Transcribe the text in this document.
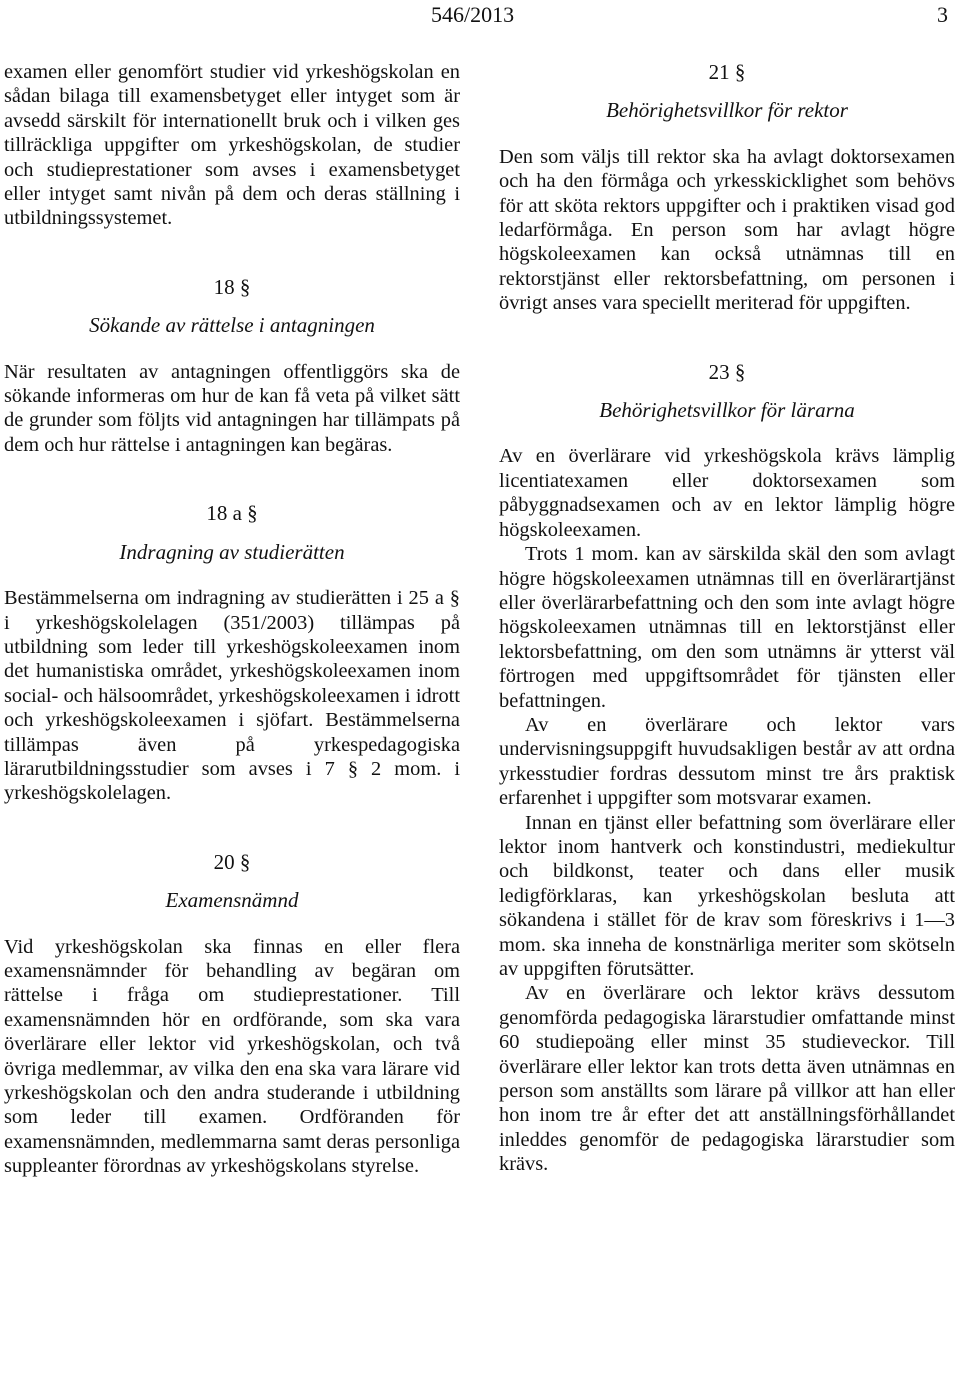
546/2013	3

examen eller genomfört studier vid yrkeshögskolan en sådan bilaga till examensbetyget eller intyget som är avsedd särskilt för internationellt bruk och i vilken ges tillräckliga uppgifter om yrkeshögskolan, de studier och studieprestationer som avses i examensbetyget eller intyget samt nivån på dem och deras ställning i utbildningssystemet.

18 §
Sökande av rättelse i antagningen

När resultaten av antagningen offentliggörs ska de sökande informeras om hur de kan få veta på vilket sätt de grunder som följts vid antagningen har tillämpats på dem och hur rättelse i antagningen kan begäras.

18 a §
Indragning av studierätten

Bestämmelserna om indragning av studierätten i 25 a § i yrkeshögskolelagen (351/2003) tillämpas på utbildning som leder till yrkeshögskoleexamen inom det humanistiska området, yrkeshögskoleexamen inom social- och hälsoområdet, yrkeshögskoleexamen i idrott och yrkeshögskoleexamen i sjöfart. Bestämmelserna tillämpas även på yrkespedagogiska lärarutbildningsstudier som avses i 7 § 2 mom. i yrkeshögskolelagen.

20 §
Examensnämnd

Vid yrkeshögskolan ska finnas en eller flera examensnämnder för behandling av begäran om rättelse i fråga om studieprestationer. Till examensnämnden hör en ordförande, som ska vara överlärare eller lektor vid yrkeshögskolan, och två övriga medlemmar, av vilka den ena ska vara lärare vid yrkeshögskolan och den andra studerande i utbildning som leder till examen. Ordföranden för examensnämnden, medlemmarna samt deras personliga suppleanter förordnas av yrkeshögskolans styrelse.

21 §
Behörighetsvillkor för rektor

Den som väljs till rektor ska ha avlagt doktorsexamen och ha den förmåga och yrkesskicklighet som behövs för att sköta rektors uppgifter och i praktiken visad god ledarförmåga. En person som har avlagt högre högskoleexamen kan också utnämnas till en rektorstjänst eller rektorsbefattning, om personen i övrigt anses vara speciellt meriterad för uppgiften.

23 §
Behörighetsvillkor för lärarna

Av en överlärare vid yrkeshögskola krävs lämplig licentiatexamen eller doktorsexamen som påbyggnadsexamen och av en lektor lämplig högre högskoleexamen.

Trots 1 mom. kan av särskilda skäl den som avlagt högre högskoleexamen utnämnas till en överlärartjänst eller överlärarbefattning och den som inte avlagt högre högskoleexamen utnämnas till en lektorstjänst eller lektorsbefattning, om den som utnämns är ytterst väl förtrogen med uppgiftsområdet för tjänsten eller befattningen.

Av en överlärare och lektor vars undervisningsuppgift huvudsakligen består av att ordna yrkesstudier fordras dessutom minst tre års praktisk erfarenhet i uppgifter som motsvarar examen.

Innan en tjänst eller befattning som överlärare eller lektor inom hantverk och konstindustri, mediekultur och bildkonst, teater och dans eller musik ledigförklaras, kan yrkeshögskolan besluta att sökandena i stället för de krav som föreskrivs i 1—3 mom. ska inneha de konstnärliga meriter som skötseln av uppgiften förutsätter.

Av en överlärare och lektor krävs dessutom genomförda pedagogiska lärarstudier omfattande minst 60 studiepoäng eller minst 35 studieveckor. Till överlärare eller lektor kan trots detta även utnämnas en person som anställts som lärare på villkor att han eller hon inom tre år efter det att anställningsförhållandet inleddes genomför de pedagogiska lärarstudier som krävs.
